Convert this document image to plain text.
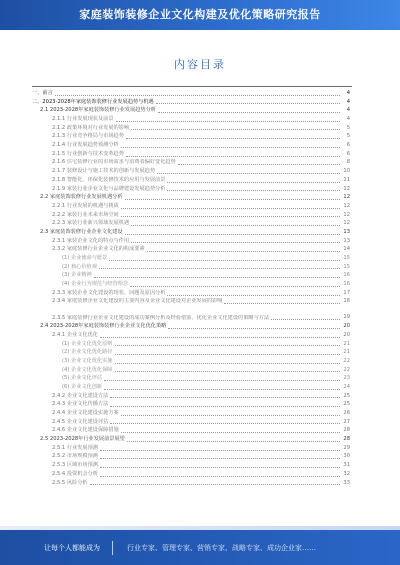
家庭装饰装修企业文化构建及优化策略研究报告
内容目录
一、前言	4
二、2023-2028年家庭装饰装修行业发展趋势与机遇	4
2.1 2023-2028年家庭装饰装修行业发展趋势分析	4
2.1.1 行业发展现状及前景	4
2.1.2 政策环境对行业发展的影响	5
2.1.3 行业竞争格局与市场趋势	5
2.1.4 行业发展趋势预测分析	6
2.1.5 行业创新与技术变革趋势	6
2.1.6 住宅装修行业的市场需求与消费者偏好变化趋势	8
2.1.7 装修设计与施工技术的创新与发展趋势	10
2.1.8 智能化、环保化装修技术的应用与发展前景	11
2.1.9 家装行业企业文化与品牌建设发展趋势分析	12
2.2 家庭装饰装修行业发展机遇分析	12
2.2.1 行业发展的机遇与挑战	12
2.2.2 家装行业未来市场空间	12
2.2.3 家装行业新兴领域发展机遇	12
2.3 家庭装饰装修行业企业文化建设	13
2.3.1 家装企业文化的特点与作用	13
2.3.2 家庭装修行业企业文化的构成要素	14
(1) 企业使命与愿景	15
(2) 核心价值观	15
(3) 企业精神	16
(4) 企业行为规范与经营理念	16
2.3.3 家装企业文化建设的现状、问题及原因分析	17
2.3.4 家庭装修企业文化建设的主要内容及企业文化建设对企业发展的影响	18
2.3.5 家庭装修行业企业文化建设的成功案例分析及经验借鉴，优化企业文化建设的策略与方法	19
2.4 2023-2028年家庭装饰装修行业企业文化优化策略	20
2.4.1 企业文化优化	20
(1) 企业文化优化原则	21
(2) 企业文化优化路径	21
(3) 企业文化优化实施	22
(4) 企业文化优化保障	22
(5) 企业文化评估	23
(6) 企业文化创新	24
2.4.2 企业文化建设方法	25
2.4.3 企业文化传播方法	25
2.4.4 企业文化建设实施方案	26
2.4.5 企业文化建设评估	27
2.4.6 企业文化建设保障措施	28
2.5 2023-2028年行业发展前景展望	28
2.5.1 行业发展预测	29
2.5.2 市场规模预测	30
2.5.3 区域市场预测	31
2.5.4 投资机会分析	32
2.5.5 风险分析	33
让每个人都能成为	行业专家、管理专家、营销专家、战略专家、成功企业家……
